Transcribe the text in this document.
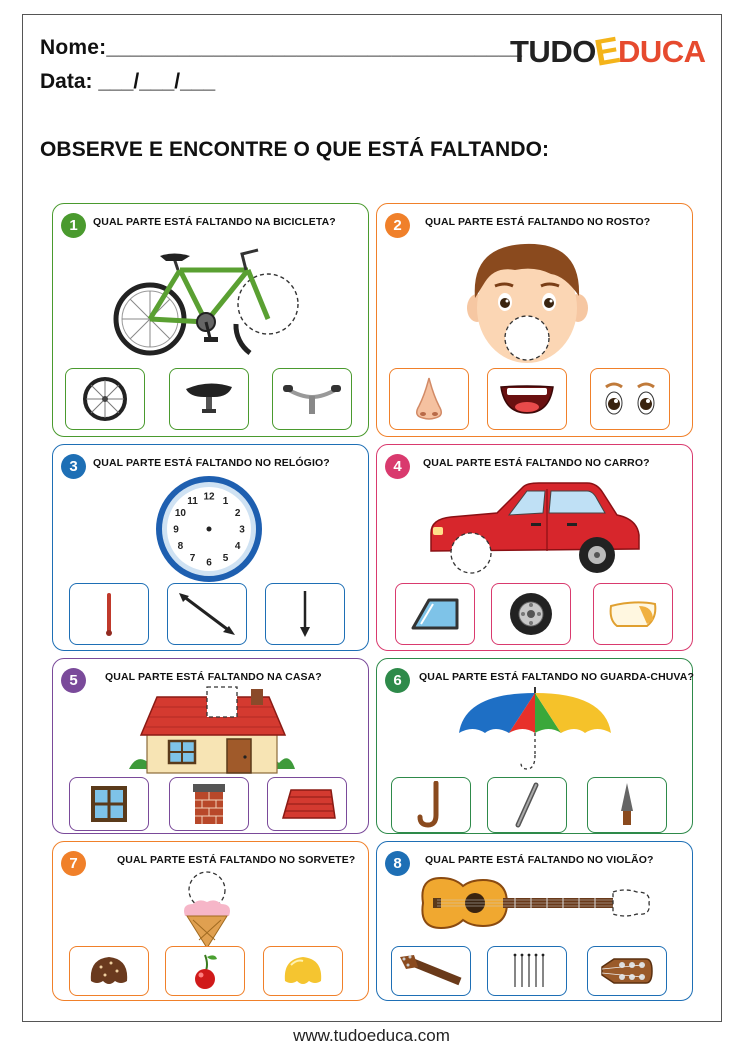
Nome:___________________________________
Data: ___/___/___
TUDOEDUCA
OBSERVE E ENCONTRE O QUE ESTÁ FALTANDO:
1	QUAL PARTE ESTÁ FALTANDO NA BICICLETA?	2	QUAL PARTE ESTÁ FALTANDO NO ROSTO?
3	QUAL PARTE ESTÁ FALTANDO NO RELÓGIO?
12 1
2
3
4
5
6
7
8
9
10
11
4	QUAL PARTE ESTÁ FALTANDO NO CARRO?
5	QUAL PARTE ESTÁ FALTANDO NA CASA?	6	QUAL PARTE ESTÁ FALTANDO NO GUARDA-CHUVA?
7	QUAL PARTE ESTÁ FALTANDO NO SORVETE?	8	QUAL PARTE ESTÁ FALTANDO NO VIOLÃO?
www.tudoeduca.com
